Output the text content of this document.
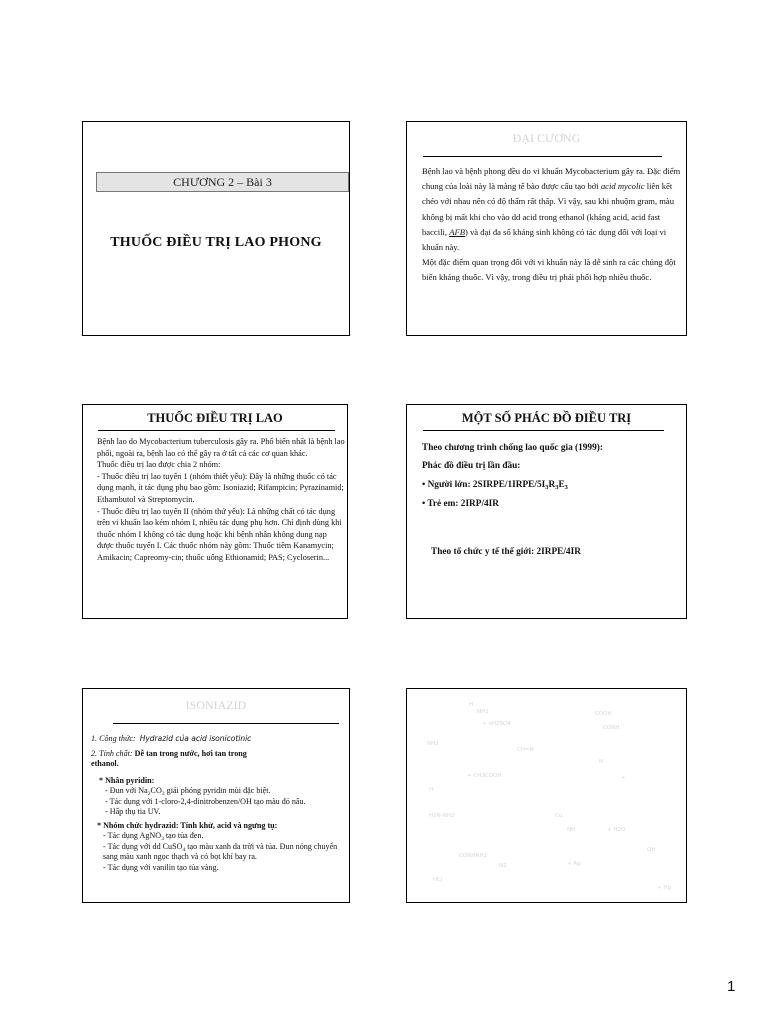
CHƯƠNG 2 – Bài 3
THUỐC ĐIỀU TRỊ LAO PHONG
ĐẠI CƯƠNG

Bệnh lao và bệnh phong đều do vi khuẩn Mycobacterium gây ra. Đặc điểm chung của loài này là màng tế bào được cấu tạo bởi acid mycolic liên kết chéo với nhau nên có độ thấm rất thấp. Vì vậy, sau khi nhuộm gram, màu không bị mất khi cho vào dd acid trong ethanol (kháng acid, acid fast baccili, AFB) và đại đa số kháng sinh không có tác dụng đối với loại vi khuẩn này.

Một đặc điểm quan trọng đối với vi khuẩn này là dễ sinh ra các chủng đột biến kháng thuốc. Vì vậy, trong điều trị phải phối hợp nhiều thuốc.

THUỐC ĐIỀU TRỊ LAO
Bệnh lao do Mycobacterium tuberculosis gây ra. Phổ biến nhất là bệnh lao phổi, ngoài ra, bệnh lao có thể gây ra ở tất cả các cơ quan khác.
Thuốc điều trị lao được chia 2 nhóm:
- Thuốc điều trị lao tuyến 1 (nhóm thiết yếu): Đây là những thuốc có tác dụng mạnh, ít tác dụng phụ bao gồm: Isoniazid; Rifampicin; Pyrazinamid; Ethambutol và Streptomycin.
- Thuốc điều trị lao tuyến II (nhóm thứ yếu): Là những chất có tác dụng trên vi khuẩn lao kém nhóm I, nhiều tác dụng phụ hơn. Chỉ định dùng khi thuốc nhóm I không có tác dụng hoặc khi bệnh nhân không dung nạp được thuốc tuyến I. Các thuốc nhóm này gồm: Thuốc tiêm Kanamycin; Amikacin; Capreomy-cin; thuốc uống Ethionamid; PAS; Cycloserin...
MỘT SỐ PHÁC ĐỒ ĐIỀU TRỊ
Theo chương trình chống lao quốc gia (1999):
Phác đồ điều trị lần đầu:
• Người lớn: $2SIRPE/1IRPE/5I_3R_3E_3$
• Trẻ em: 2IRP/4IR
Theo tổ chức y tế thế giới: 2IRPE/4IR
ISONIAZID
1. Công thức: Hydrazid của acid isonicotinic
2. Tính chất: Dễ tan trong nước, hơi tan trong ethanol.
* Nhân pyridin:
- Đun với $Na_2CO_3$ giải phóng pyridin mùi đặc biệt.
- Tác dụng với 1-cloro-2,4-dinitrobenzen/OH tạo màu đỏ nâu.
- Hấp thụ tia UV.
* Nhóm chức hydrazid: Tính khử, acid và ngưng tụ:
- Tác dụng AgNO$_3$ tạo tủa đen.
- Tác dụng với dd CuSO$_4$ tạo màu xanh da trời và tủa. Đun nóng chuyển sang màu xanh ngọc thạch và có bọt khí bay ra.
- Tác dụng với vanilin tạo tủa vàng.
H
NH2
+ nH2SO4
COOH
CONH
NH2
CH=N
+ CH3COOH
N
H
+
H2N-NH2	Cu
NH	+ H2O
OH
CONHNH2
N2	+ Ag
HCl
+ Hg
1
